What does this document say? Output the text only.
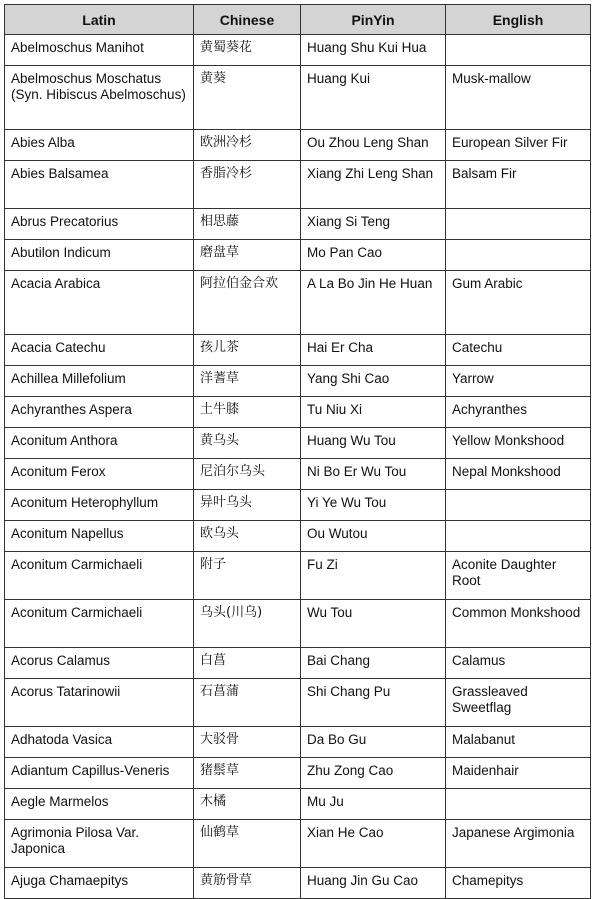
Latin	Chinese	PinYin	English
Abelmoschus Manihot	黄蜀葵花	Huang Shu Kui Hua	
Abelmoschus Moschatus (Syn. Hibiscus Abelmoschus)	黄葵	Huang Kui	Musk-mallow
Abies Alba	欧洲冷杉	Ou Zhou Leng Shan	European Silver Fir
Abies Balsamea	香脂冷杉	Xiang Zhi Leng Shan	Balsam Fir
Abrus Precatorius	相思藤	Xiang Si Teng	
Abutilon Indicum	磨盘草	Mo Pan Cao	
Acacia Arabica	阿拉伯金合欢	A La Bo Jin He Huan	Gum Arabic
Acacia Catechu	孩儿茶	Hai Er Cha	Catechu
Achillea Millefolium	洋蓍草	Yang Shi Cao	Yarrow
Achyranthes Aspera	土牛膝	Tu Niu Xi	Achyranthes
Aconitum Anthora	黄乌头	Huang Wu Tou	Yellow Monkshood
Aconitum Ferox	尼泊尔乌头	Ni Bo Er Wu Tou	Nepal Monkshood
Aconitum Heterophyllum	异叶乌头	Yi Ye Wu Tou	
Aconitum Napellus	欧乌头	Ou Wutou	
Aconitum Carmichaeli	附子	Fu Zi	Aconite Daughter Root
Aconitum Carmichaeli	乌头(川乌)	Wu Tou	Common Monkshood
Acorus Calamus	白菖	Bai Chang	Calamus
Acorus Tatarinowii	石菖蒲	Shi Chang Pu	Grassleaved Sweetflag
Adhatoda Vasica	大驳骨	Da Bo Gu	Malabanut
Adiantum Capillus-Veneris	猪鬃草	Zhu Zong Cao	Maidenhair
Aegle Marmelos	木橘	Mu Ju	
Agrimonia Pilosa Var. Japonica	仙鹤草	Xian He Cao	Japanese Argimonia
Ajuga Chamaepitys	黄筋骨草	Huang Jin Gu Cao	Chamepitys
